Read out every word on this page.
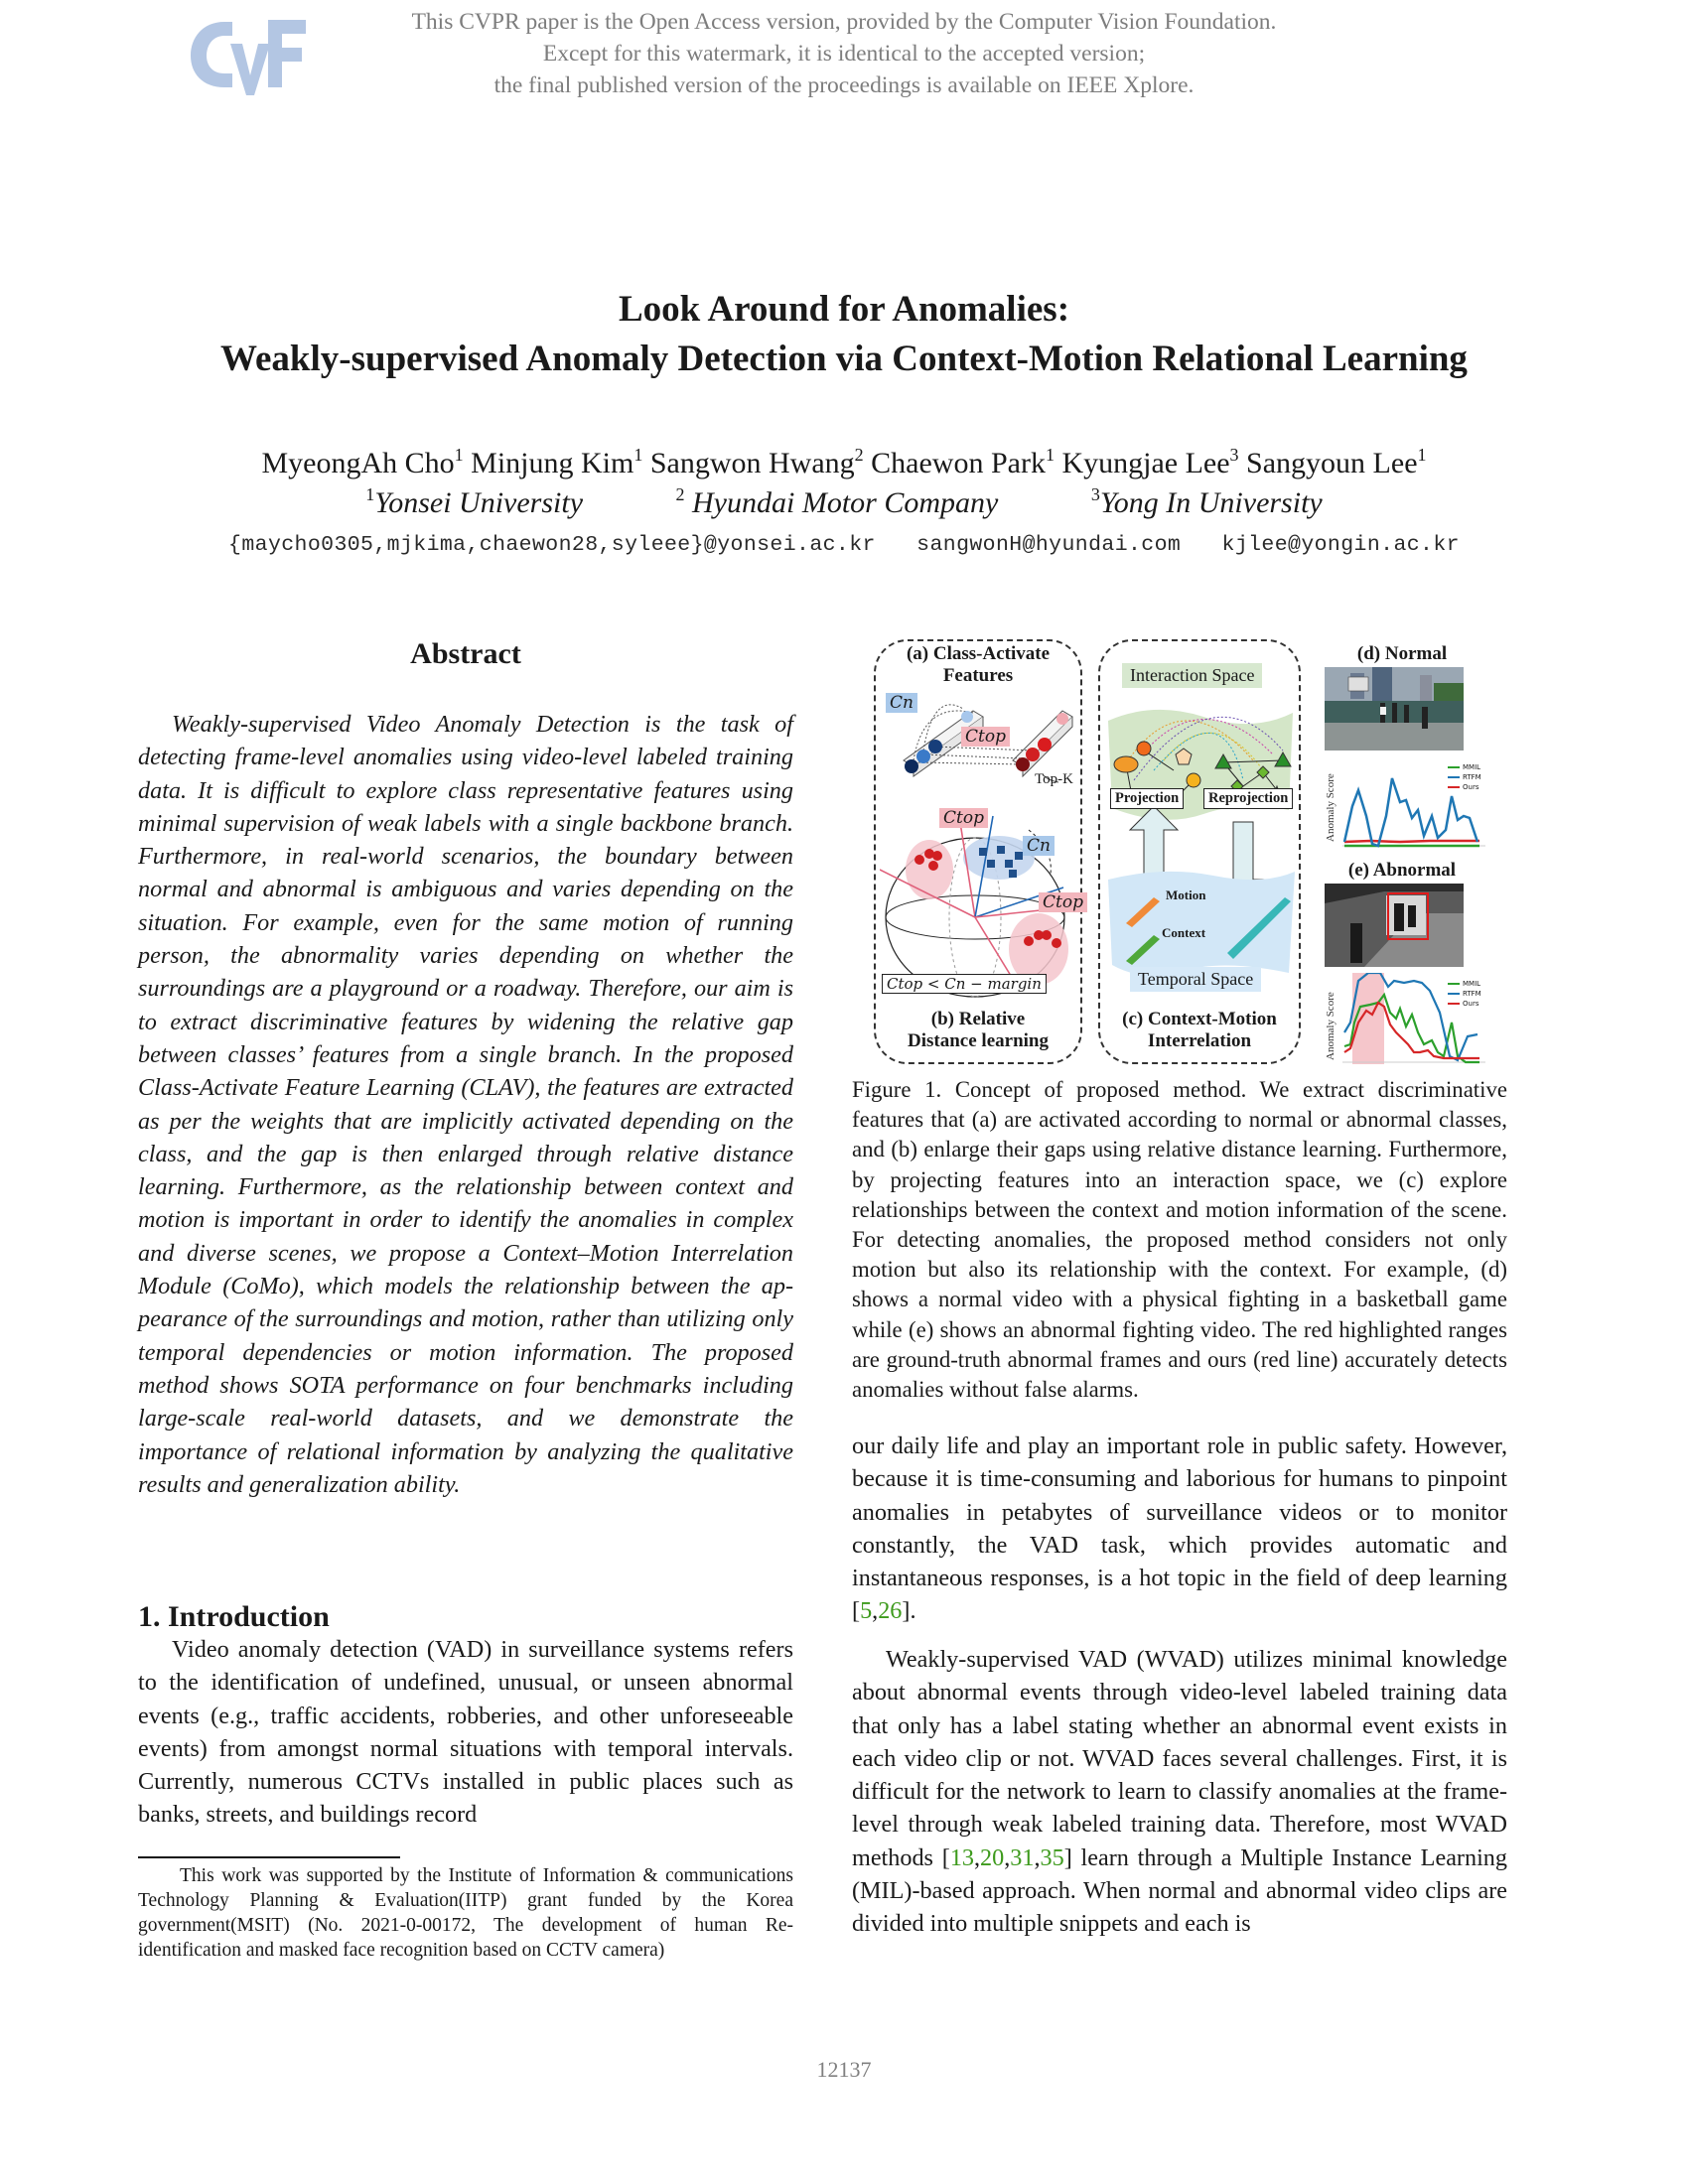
This CVPR paper is the Open Access version, provided by the Computer Vision Foundation.
Except for this watermark, it is identical to the accepted version;
the final published version of the proceedings is available on IEEE Xplore.
Look Around for Anomalies:
Weakly-supervised Anomaly Detection via Context-Motion Relational Learning
MyeongAh Cho$^1$ Minjung Kim$^1$ Sangwon Hwang$^2$ Chaewon Park$^1$ Kyungjae Lee$^3$ Sangyoun Lee$^1$
$^1$Yonsei University	$^2$ Hyundai Motor Company	$^3$Yong In University
{maycho0305,mjkima,chaewon28,syleee}@yonsei.ac.kr sangwonH@hyundai.com kjlee@yongin.ac.kr
Abstract
Weakly-supervised Video Anomaly Detection is the task of detecting frame-level anomalies using video-level labeled training data. It is difficult to explore class representative features using minimal supervision of weak labels with a single backbone branch. Furthermore, in real-world scenarios, the boundary between normal and abnormal is ambiguous and varies depending on the situation. For example, even for the same motion of running person, the abnormality varies depending on whether the surroundings are a playground or a roadway. Therefore, our aim is to extract discriminative features by widening the relative gap between classes’ features from a single branch. In the proposed Class-Activate Feature Learning (CLAV), the features are extracted as per the weights that are implicitly activated depending on the class, and the gap is then enlarged through relative distance learning. Furthermore, as the relationship between context and motion is important in order to identify the anomalies in complex and diverse scenes, we propose a Context–Motion Interrelation Module (CoMo), which models the relationship between the appearance of the surroundings and motion, rather than utilizing only temporal dependencies or motion information. The proposed method shows SOTA performance on four benchmarks including large-scale real-world datasets, and we demonstrate the importance of relational information by analyzing the qualitative results and generalization ability.
1. Introduction
Video anomaly detection (VAD) in surveillance systems refers to the identification of undefined, unusual, or unseen abnormal events (e.g., traffic accidents, robberies, and other unforeseeable events) from amongst normal situations with temporal intervals. Currently, numerous CCTVs installed in public places such as banks, streets, and buildings record
This work was supported by the Institute of Information & communications Technology Planning & Evaluation(IITP) grant funded by the Korea government(MSIT) (No. 2021-0-00172, The development of human Re-identification and masked face recognition based on CCTV camera)
(a) Class-Activate
Features
Cn
Ctop
Top-K
Ctop
Cn
Ctop
Ctop < Cn − margin
(b) Relative
Distance learning
Interaction Space
Projection	Reprojection
Motion
Context
Temporal Space
(c) Context-Motion
Interrelation
(d) Normal
Anomaly Score
MMIL
RTFM
Ours
(e) Abnormal
Anomaly Score
MMIL
RTFM
Ours
Figure 1. Concept of proposed method. We extract discriminative features that (a) are activated according to normal or abnormal classes, and (b) enlarge their gaps using relative distance learning. Furthermore, by projecting features into an interaction space, we (c) explore relationships between the context and motion information of the scene. For detecting anomalies, the proposed method considers not only motion but also its relationship with the context. For example, (d) shows a normal video with a physical fighting in a basketball game while (e) shows an abnormal fighting video. The red highlighted ranges are ground-truth abnormal frames and ours (red line) accurately detects anomalies without false alarms.
our daily life and play an important role in public safety. However, because it is time-consuming and laborious for humans to pinpoint anomalies in petabytes of surveillance videos or to monitor constantly, the VAD task, which provides automatic and instantaneous responses, is a hot topic in the field of deep learning [5,26].
Weakly-supervised VAD (WVAD) utilizes minimal knowledge about abnormal events through video-level labeled training data that only has a label stating whether an abnormal event exists in each video clip or not. WVAD faces several challenges. First, it is difficult for the network to learn to classify anomalies at the frame-level through weak labeled training data. Therefore, most WVAD methods [13,20,31,35] learn through a Multiple Instance Learning (MIL)-based approach. When normal and abnormal video clips are divided into multiple snippets and each is
12137
